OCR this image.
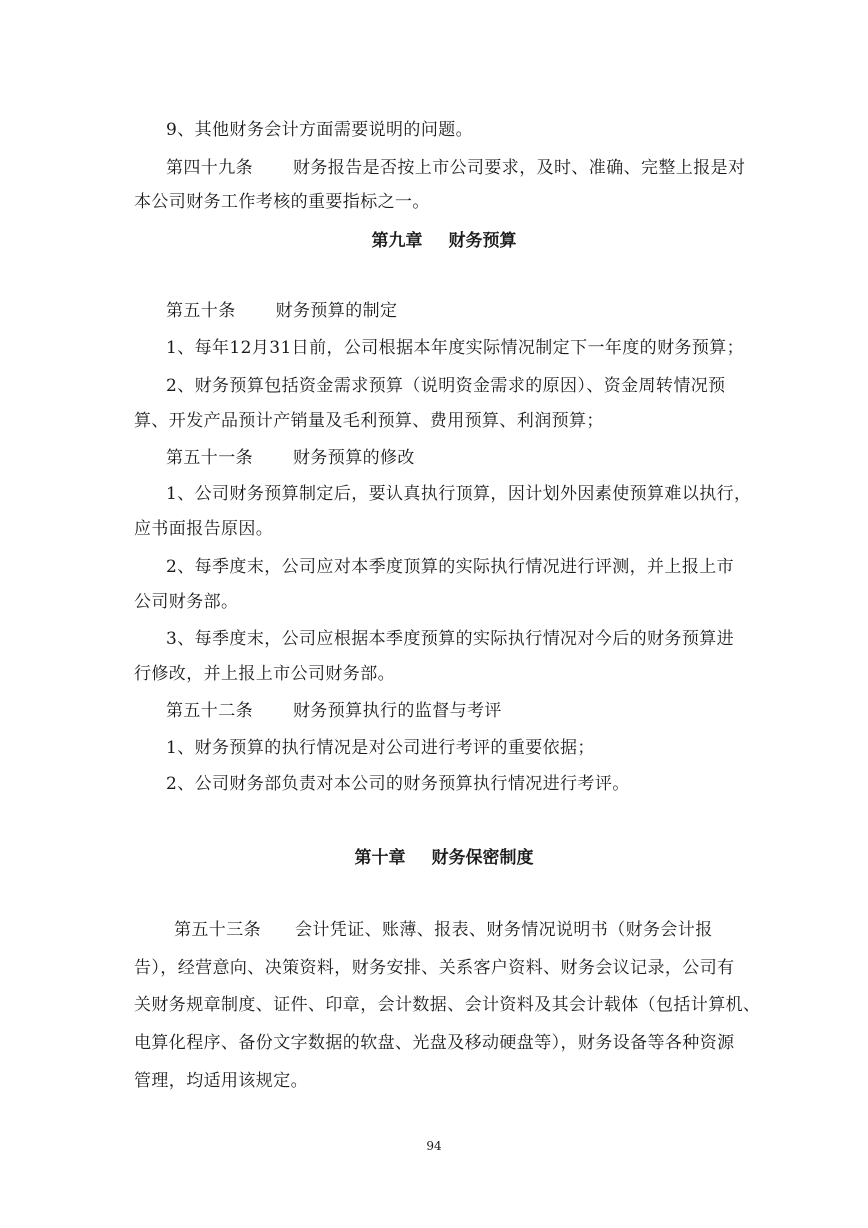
9、其他财务会计方面需要说明的问题。
第四十九条 财务报告是否按上市公司要求，及时、准确、完整上报是对
本公司财务工作考核的重要指标之一。
第九章 财务预算
第五十条 财务预算的制定
1、每年12月31日前，公司根据本年度实际情况制定下一年度的财务预算；
2、财务预算包括资金需求预算（说明资金需求的原因）、资金周转情况预
算、开发产品预计产销量及毛利预算、费用预算、利润预算；
第五十一条 财务预算的修改
1、公司财务预算制定后，要认真执行顶算，因计划外因素使预算难以执行，
应书面报告原因。
2、每季度末，公司应对本季度顶算的实际执行情况进行评测，并上报上市
公司财务部。
3、每季度末，公司应根据本季度预算的实际执行情况对今后的财务预算进
行修改，并上报上市公司财务部。
第五十二条 财务预算执行的监督与考评
1、财务预算的执行情况是对公司进行考评的重要依据；
2、公司财务部负责对本公司的财务预算执行情况进行考评。
第十章 财务保密制度
第五十三条 会计凭证、账薄、报表、财务情况说明书（财务会计报
告），经营意向、决策资料，财务安排、关系客户资料、财务会议记录，公司有
关财务规章制度、证件、印章，会计数据、会计资料及其会计载体（包括计算机、
电算化程序、备份文字数据的软盘、光盘及移动硬盘等），财务设备等各种资源
管理，均适用该规定。
94
